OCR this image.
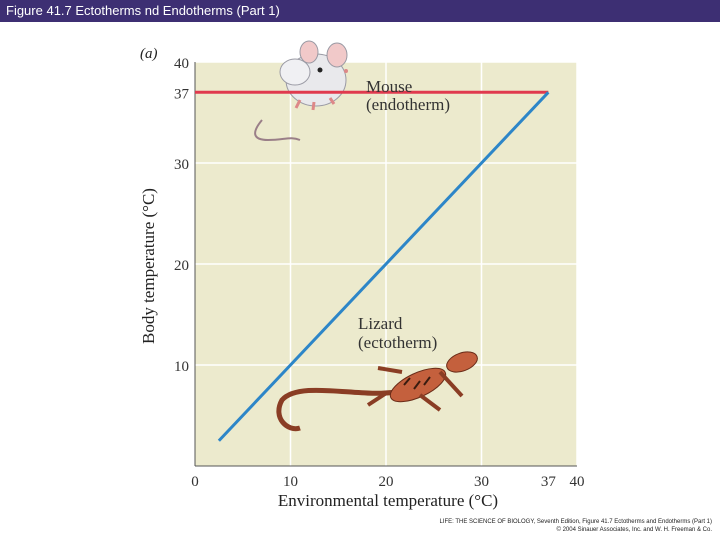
Figure 41.7 Ectotherms nd Endotherms (Part 1)
(a)
10
20
30
37
40
0	10	20	30	37 40
Mouse (endotherm)
Lizard (ectotherm)
Environmental temperature (°C)
Body temperature (°C)
LIFE: THE SCIENCE OF BIOLOGY, Seventh Edition, Figure 41.7 Ectotherms and Endotherms (Part 1)
© 2004 Sinauer Associates, Inc. and W. H. Freeman & Co.
